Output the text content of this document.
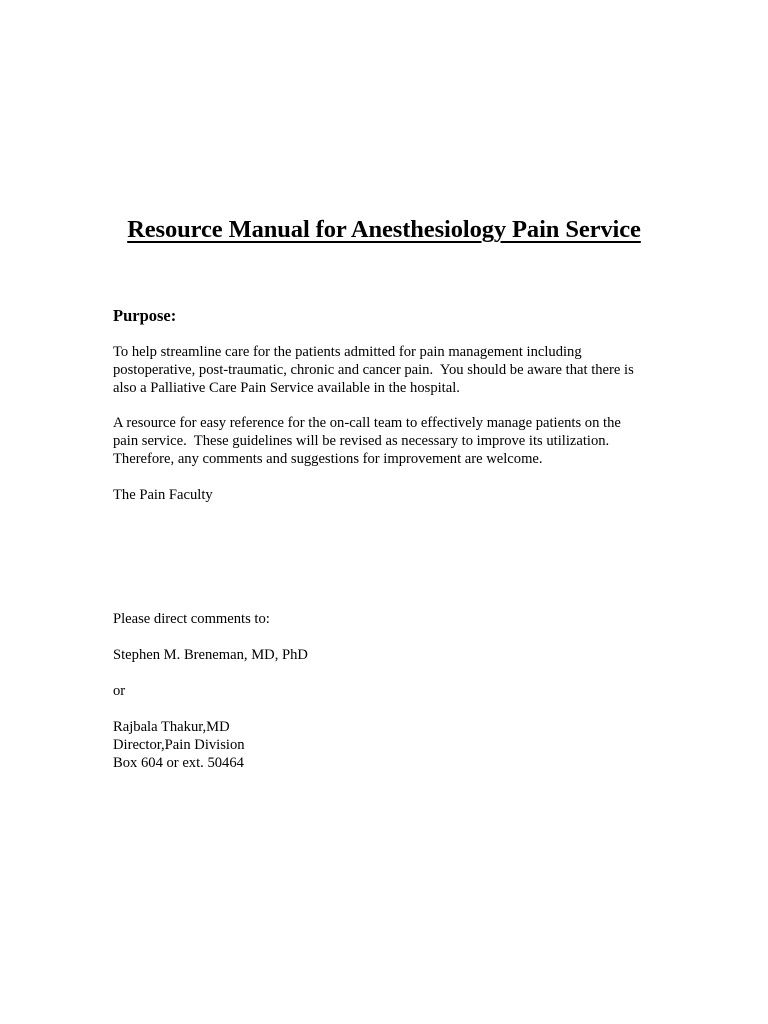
Resource Manual for Anesthesiology Pain Service
Purpose:

To help streamline care for the patients admitted for pain management including
postoperative, post-traumatic, chronic and cancer pain.  You should be aware that there is
also a Palliative Care Pain Service available in the hospital.

A resource for easy reference for the on-call team to effectively manage patients on the
pain service.  These guidelines will be revised as necessary to improve its utilization.
Therefore, any comments and suggestions for improvement are welcome.

The Pain Faculty

Please direct comments to:

Stephen M. Breneman, MD, PhD

or

Rajbala Thakur,MD
Director,Pain Division
Box 604 or ext. 50464
